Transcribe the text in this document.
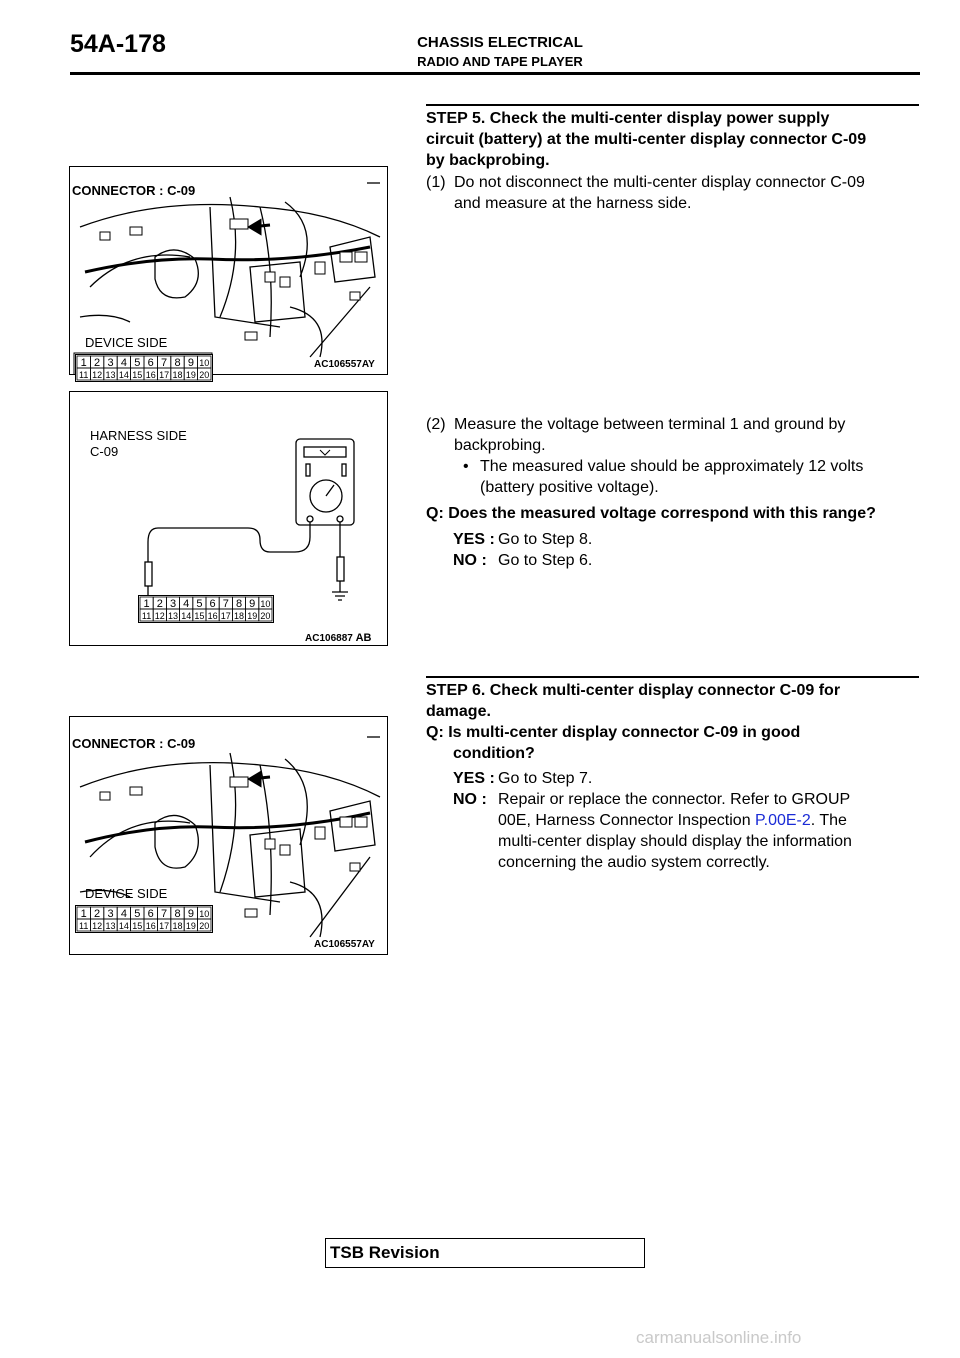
54A-178	CHASSIS ELECTRICAL
RADIO AND TAPE PLAYER
CONNECTOR : C-09
DEVICE SIDE
AC106557AY
1 2 3 4 5 6 7 8 9 10
11 12 13 14 15 16 17 18 19 20
HARNESS SIDE
C-09
AC106887 AB
1 2 3 4 5 6 7 8 9 10
11 12 13 14 15 16 17 18 19 20
CONNECTOR : C-09
DEVICE SIDE
AC106557AY
1 2 3 4 5 6 7 8 9 10
11 12 13 14 15 16 17 18 19 20
STEP 5. Check the multi-center display power supply
circuit (battery) at the multi-center display connector C-09
by backprobing.
(1) Do not disconnect the multi-center display connector C-09
and measure at the harness side.
(2) Measure the voltage between terminal 1 and ground by
backprobing.
• The measured value should be approximately 12 volts
(battery positive voltage).
Q: Does the measured voltage correspond with this range?
YES : Go to Step 8.
NO : Go to Step 6.
STEP 6. Check multi-center display connector C-09 for
damage.
Q: Is multi-center display connector C-09 in good
condition?
YES : Go to Step 7.
NO : Repair or replace the connector. Refer to GROUP
00E, Harness Connector Inspection P.00E-2. The
multi-center display should display the information
concerning the audio system correctly.
TSB Revision
carmanualsonline.info
